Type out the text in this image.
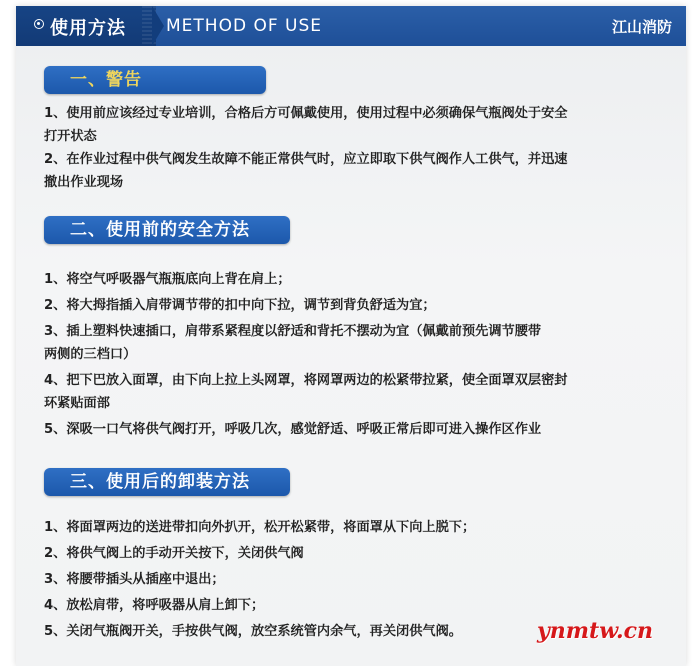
使用方法 METHOD OF USE	江山消防
一、警告
1、使用前应该经过专业培训，合格后方可佩戴使用，使用过程中必须确保气瓶阀处于安全
打开状态
2、在作业过程中供气阀发生故障不能正常供气时，应立即取下供气阀作人工供气，并迅速
撤出作业现场
二、使用前的安全方法
1、将空气呼吸器气瓶瓶底向上背在肩上；
2、将大拇指插入肩带调节带的扣中向下拉，调节到背负舒适为宜；
3、插上塑料快速插口，肩带系紧程度以舒适和背托不摆动为宜（佩戴前预先调节腰带
两侧的三档口）
4、把下巴放入面罩，由下向上拉上头网罩，将网罩两边的松紧带拉紧，使全面罩双层密封
环紧贴面部
5、深吸一口气将供气阀打开，呼吸几次，感觉舒适、呼吸正常后即可进入操作区作业
三、使用后的卸装方法
1、将面罩两边的送进带扣向外扒开，松开松紧带，将面罩从下向上脱下；
2、将供气阀上的手动开关按下，关闭供气阀
3、将腰带插头从插座中退出；
4、放松肩带，将呼吸器从肩上卸下；
5、关闭气瓶阀开关，手按供气阀，放空系统管内余气，再关闭供气阀。	ynmtw.cn
